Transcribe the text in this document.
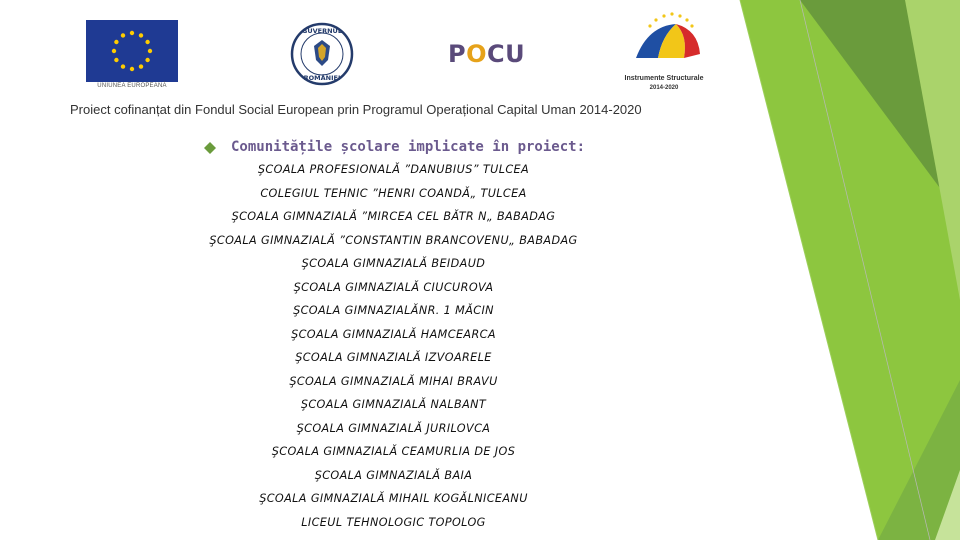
UNIUNEA EUROPEANĂ
GUVERNUL
ROMÂNIEI
POCU
Instrumente Structurale
2014-2020
Proiect cofinanțat din Fondul Social European prin Programul Operațional Capital Uman 2014-2020
Comunitățile școlare implicate în proiect:
ŞCOALA PROFESIONALĂ ”DANUBIUS” TULCEA
COLEGIUL TEHNIC ”HENRI COANDĂ„ TULCEA
ŞCOALA GIMNAZIALĂ ”MIRCEA CEL BĂTR N„ BABADAG
ŞCOALA GIMNAZIALĂ ”CONSTANTIN BRANCOVENU„ BABADAG
ŞCOALA GIMNAZIALĂ BEIDAUD
ŞCOALA GIMNAZIALĂ CIUCUROVA
ŞCOALA GIMNAZIALĂNR. 1 MĂCIN
ŞCOALA GIMNAZIALĂ HAMCEARCA
ŞCOALA GIMNAZIALĂ IZVOARELE
ŞCOALA GIMNAZIALĂ MIHAI BRAVU
ŞCOALA GIMNAZIALĂ NALBANT
ŞCOALA GIMNAZIALĂ JURILOVCA
ŞCOALA GIMNAZIALĂ CEAMURLIA DE JOS
ŞCOALA GIMNAZIALĂ BAIA
ŞCOALA GIMNAZIALĂ MIHAIL KOGĂLNICEANU
LICEUL TEHNOLOGIC TOPOLOG
